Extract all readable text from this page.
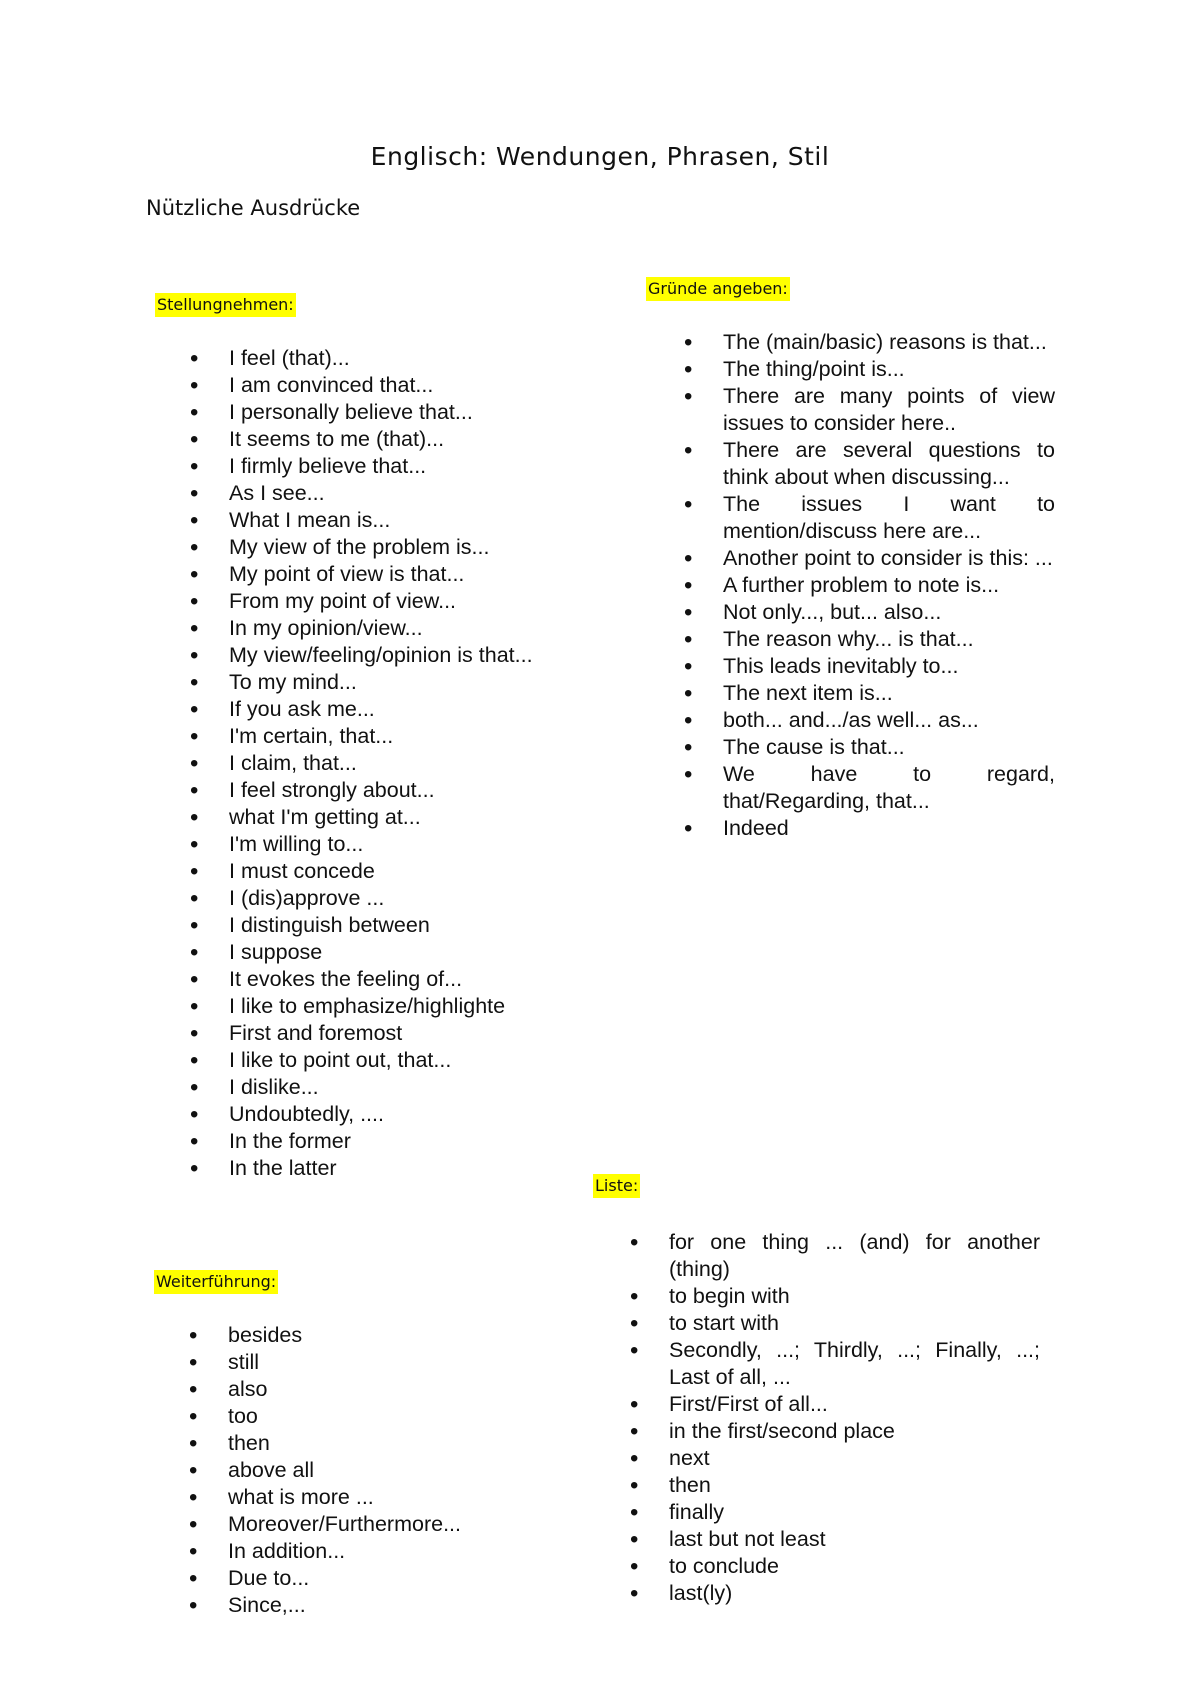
Englisch: Wendungen, Phrasen, Stil
Nützliche Ausdrücke
Stellungnehmen:
• I feel (that)...
• I am convinced that...
• I personally believe that...
• It seems to me (that)...
• I firmly believe that...
• As I see...
• What I mean is...
• My view of the problem is...
• My point of view is that...
• From my point of view...
• In my opinion/view...
• My view/feeling/opinion is that...
• To my mind...
• If you ask me...
• I'm certain, that...
• I claim, that...
• I feel strongly about...
• what I'm getting at...
• I'm willing to...
• I must concede
• I (dis)approve ...
• I distinguish between
• I suppose
• It evokes the feeling of...
• I like to emphasize/highlighte
• First and foremost
• I like to point out, that...
• I dislike...
• Undoubtedly, ....
• In the former
• In the latter
Weiterführung:
• besides
• still
• also
• too
• then
• above all
• what is more ...
• Moreover/Furthermore...
• In addition...
• Due to...
• Since,...
Gründe angeben:
• The (main/basic) reasons is that...
• The thing/point is...
• There are many points of view issues to consider here..
• There are several questions to think about when discussing...
• The issues I want to mention/discuss here are...
• Another point to consider is this: ...
• A further problem to note is...
• Not only..., but... also...
• The reason why... is that...
• This leads inevitably to...
• The next item is...
• both... and.../as well... as...
• The cause is that...
• We have to regard, that/Regarding, that...
• Indeed
Liste:
• for one thing ... (and) for another (thing)
• to begin with
• to start with
• Secondly, ...; Thirdly, ...; Finally, ...; Last of all, ...
• First/First of all...
• in the first/second place
• next
• then
• finally
• last but not least
• to conclude
• last(ly)
